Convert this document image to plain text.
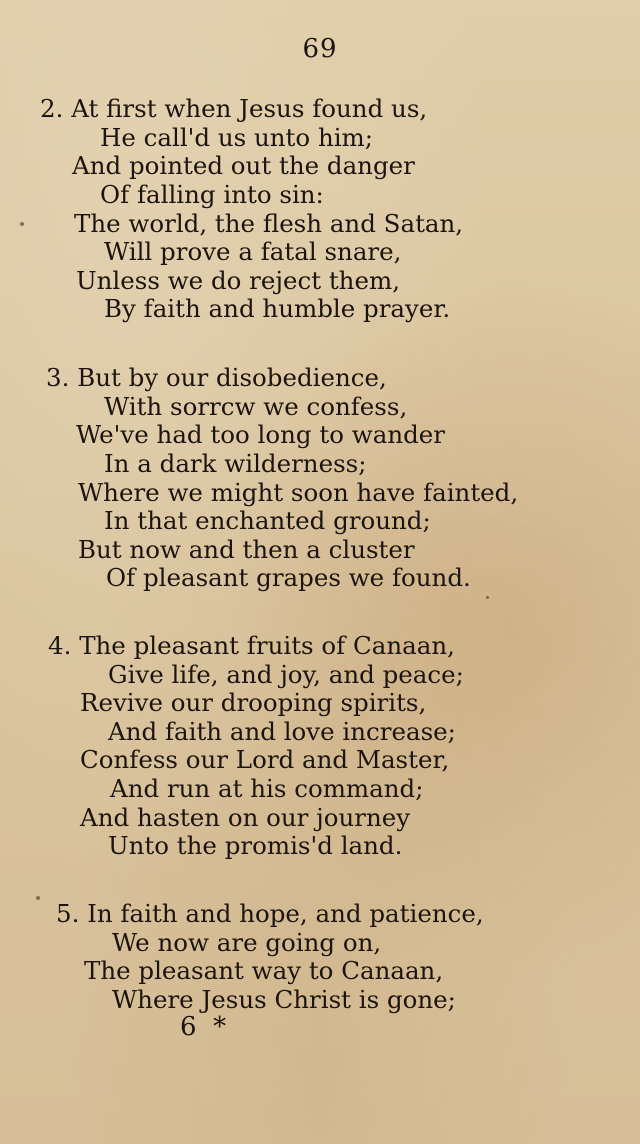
69
2. At first when Jesus found us,
He call'd us unto him;
And pointed out the danger
Of falling into sin:
The world, the flesh and Satan,
Will prove a fatal snare,
Unless we do reject them,
By faith and humble prayer.
3. But by our disobedience,
With sorrcw we confess,
We've had too long to wander
In a dark wilderness;
Where we might soon have fainted,
In that enchanted ground;
But now and then a cluster
Of pleasant grapes we found.
4. The pleasant fruits of Canaan,
Give life, and joy, and peace;
Revive our drooping spirits,
And faith and love increase;
Confess our Lord and Master,
And run at his command;
And hasten on our journey
Unto the promis'd land.
5. In faith and hope, and patience,
We now are going on,
The pleasant way to Canaan,
Where Jesus Christ is gone;
6 *
